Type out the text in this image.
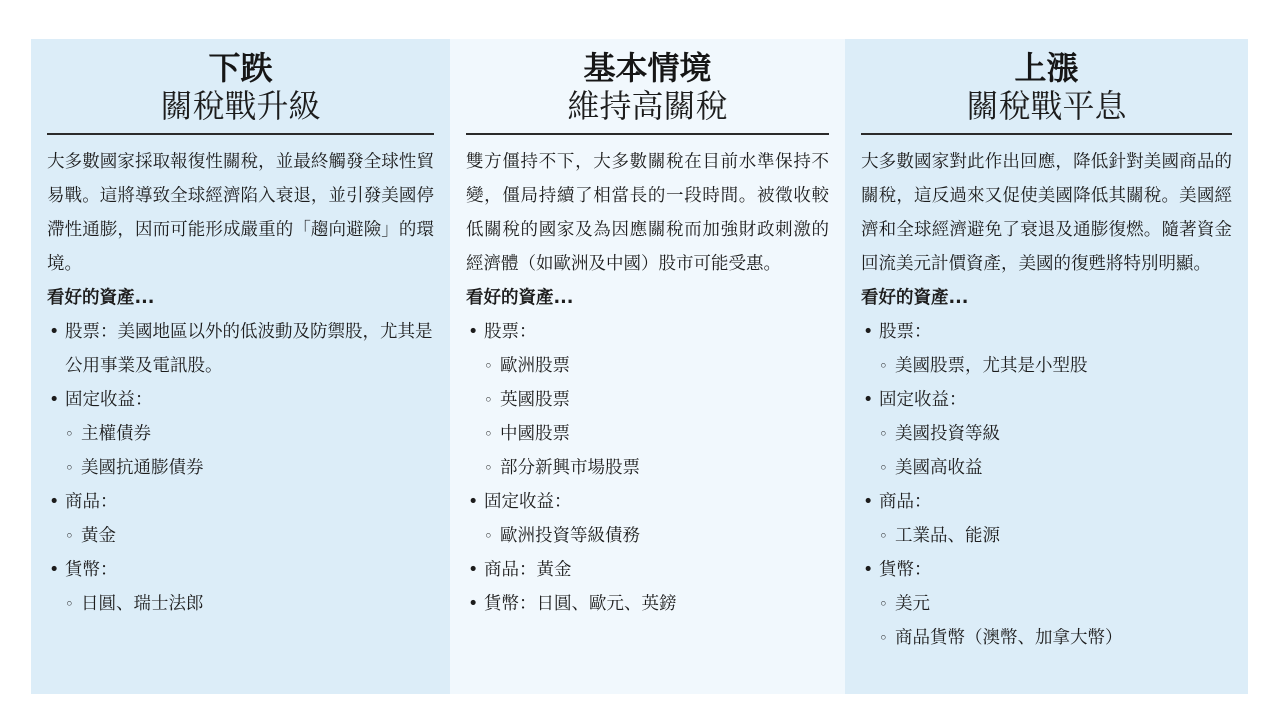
下跌
關稅戰升級

大多數國家採取報復性關稅，並最終觸發全球性貿易戰。這將導致全球經濟陷入衰退，並引發美國停滯性通膨，因而可能形成嚴重的「趨向避險」的環境。

看好的資產...

• 股票：美國地區以外的低波動及防禦股，尤其是公用事業及電訊股。
• 固定收益：
◦ 主權債券
◦ 美國抗通膨債券
• 商品：
◦ 黃金
• 貨幣：
◦ 日圓、瑞士法郎
基本情境
維持高關稅

雙方僵持不下，大多數關稅在目前水準保持不變，僵局持續了相當長的一段時間。被徵收較低關稅的國家及為因應關稅而加強財政刺激的經濟體（如歐洲及中國）股市可能受惠。

看好的資產...

• 股票：
◦ 歐洲股票
◦ 英國股票
◦ 中國股票
◦ 部分新興市場股票
• 固定收益：
◦ 歐洲投資等級債務
• 商品：黃金
• 貨幣：日圓、歐元、英鎊
上漲
關稅戰平息

大多數國家對此作出回應，降低針對美國商品的關稅，這反過來又促使美國降低其關稅。美國經濟和全球經濟避免了衰退及通膨復燃。隨著資金回流美元計價資產，美國的復甦將特別明顯。

看好的資產...

• 股票：
◦ 美國股票，尤其是小型股
• 固定收益：
◦ 美國投資等級
◦ 美國高收益
• 商品：
◦ 工業品、能源
• 貨幣：
◦ 美元
◦ 商品貨幣（澳幣、加拿大幣）
